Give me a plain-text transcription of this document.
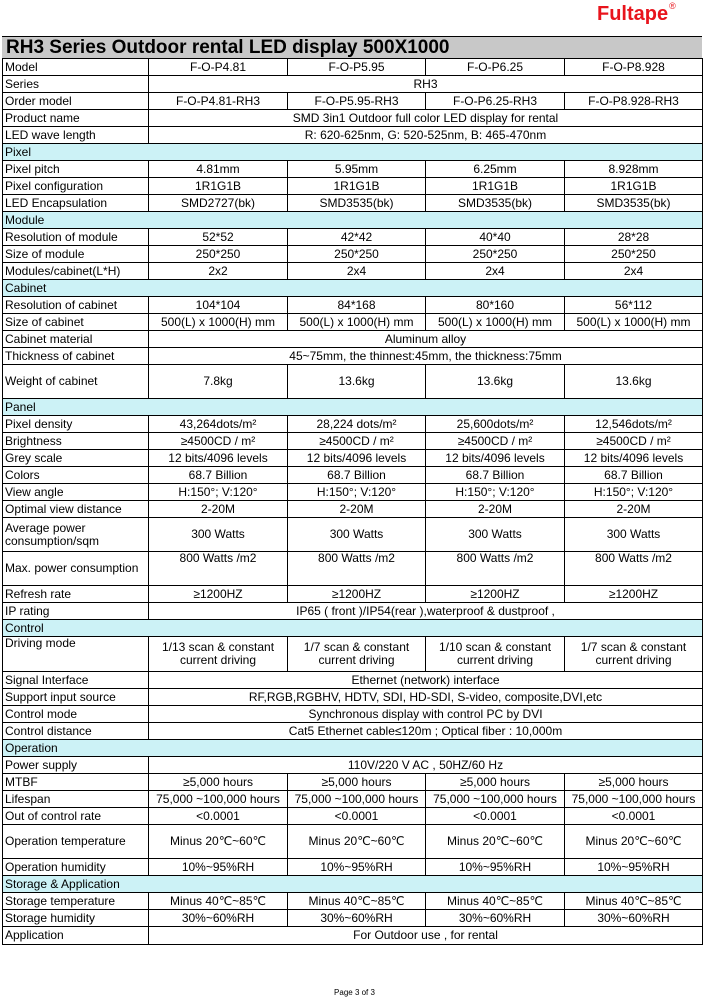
Fultape®
RH3 Series Outdoor rental LED display 500X1000
Model	F-O-P4.81	F-O-P5.95	F-O-P6.25	F-O-P8.928
Series	RH3			
Order model	F-O-P4.81-RH3	F-O-P5.95-RH3	F-O-P6.25-RH3	F-O-P8.928-RH3
Product name	SMD 3in1 Outdoor full color LED display for rental			
LED wave length	R: 620-625nm, G: 520-525nm, B: 465-470nm			
Pixel				
Pixel pitch	4.81mm	5.95mm	6.25mm	8.928mm
Pixel configuration	1R1G1B	1R1G1B	1R1G1B	1R1G1B
LED Encapsulation	SMD2727(bk)	SMD3535(bk)	SMD3535(bk)	SMD3535(bk)
Module				
Resolution of module	52*52	42*42	40*40	28*28
Size of module	250*250	250*250	250*250	250*250
Modules/cabinet(L*H)	2x2	2x4	2x4	2x4
Cabinet				
Resolution of cabinet	104*104	84*168	80*160	56*112
Size of cabinet	500(L) x 1000(H) mm	500(L) x 1000(H) mm	500(L) x 1000(H) mm	500(L) x 1000(H) mm
Cabinet material	Aluminum alloy			
Thickness of cabinet	45~75mm, the thinnest:45mm, the thickness:75mm			
Weight of cabinet	7.8kg	13.6kg	13.6kg	13.6kg
Panel				
Pixel density	43,264dots/m²	28,224 dots/m²	25,600dots/m²	12,546dots/m²
Brightness	≥4500CD / m²	≥4500CD / m²	≥4500CD / m²	≥4500CD / m²
Grey scale	12 bits/4096 levels	12 bits/4096 levels	12 bits/4096 levels	12 bits/4096 levels
Colors	68.7 Billion	68.7 Billion	68.7 Billion	68.7 Billion
View angle	H:150°; V:120°	H:150°; V:120°	H:150°; V:120°	H:150°; V:120°
Optimal view distance	2-20M	2-20M	2-20M	2-20M
Average power consumption/sqm	300 Watts	300 Watts	300 Watts	300 Watts
Max. power consumption	800 Watts /m2	800 Watts /m2	800 Watts /m2	800 Watts /m2
Refresh rate	≥1200HZ	≥1200HZ	≥1200HZ	≥1200HZ
IP rating	IP65 ( front )/IP54(rear ),waterproof & dustproof ,			
Control				
Driving mode	1/13 scan & constant current driving	1/7 scan & constant current driving	1/10 scan & constant current driving	1/7 scan & constant current driving
Signal Interface	Ethernet (network) interface			
Support input source	RF,RGB,RGBHV, HDTV, SDI, HD-SDI, S-video, composite,DVI,etc			
Control mode	Synchronous display with control PC by DVI			
Control distance	Cat5 Ethernet cable≤120m ; Optical fiber : 10,000m			
Operation				
Power supply	110V/220 V AC , 50HZ/60 Hz			
MTBF	≥5,000 hours	≥5,000 hours	≥5,000 hours	≥5,000 hours
Lifespan	75,000 ~100,000 hours	75,000 ~100,000 hours	75,000 ~100,000 hours	75,000 ~100,000 hours
Out of control rate	<0.0001	<0.0001	<0.0001	<0.0001
Operation temperature	Minus 20℃~60℃	Minus 20℃~60℃	Minus 20℃~60℃	Minus 20℃~60℃
Operation humidity	10%~95%RH	10%~95%RH	10%~95%RH	10%~95%RH
Storage & Application				
Storage temperature	Minus 40℃~85℃	Minus 40℃~85℃	Minus 40℃~85℃	Minus 40℃~85℃
Storage humidity	30%~60%RH	30%~60%RH	30%~60%RH	30%~60%RH
Application	For Outdoor use , for rental			
Page 3 of 3
